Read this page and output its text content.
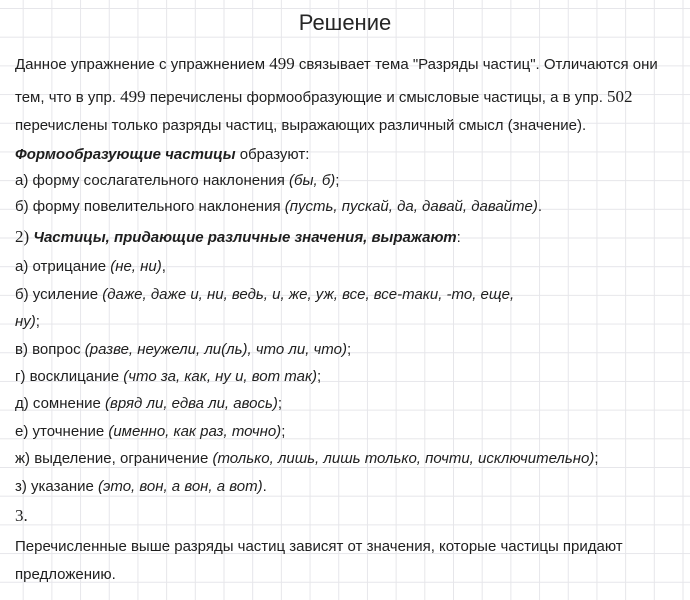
Решение
Данное упражнение с упражнением 499 связывает тема "Разряды частиц". Отличаются они
тем, что в упр. 499 перечислены формообразующие и смысловые частицы, а в упр. 502
перечислены только разряды частиц, выражающих различный смысл (значение).
Формообразующие частицы образуют:
а) форму сослагательного наклонения (бы, б);
б) форму повелительного наклонения (пусть, пускай, да, давай, давайте).
2) Частицы, придающие различные значения, выражают:
а) отрицание (не, ни),
б) усиление (даже, даже и, ни, ведь, и, же, уж, все, все-таки, -то, еще,
ну);
в) вопрос (разве, неужели, ли(ль), что ли, что);
г) восклицание (что за, как, ну и, вот так);
д) сомнение (вряд ли, едва ли, авось);
е) уточнение (именно, как раз, точно);
ж) выделение, ограничение (только, лишь, лишь только, почти, исключительно);
з) указание (это, вон, а вон, а вот).
3.
Перечисленные выше разряды частиц зависят от значения, которые частицы придают
предложению.
